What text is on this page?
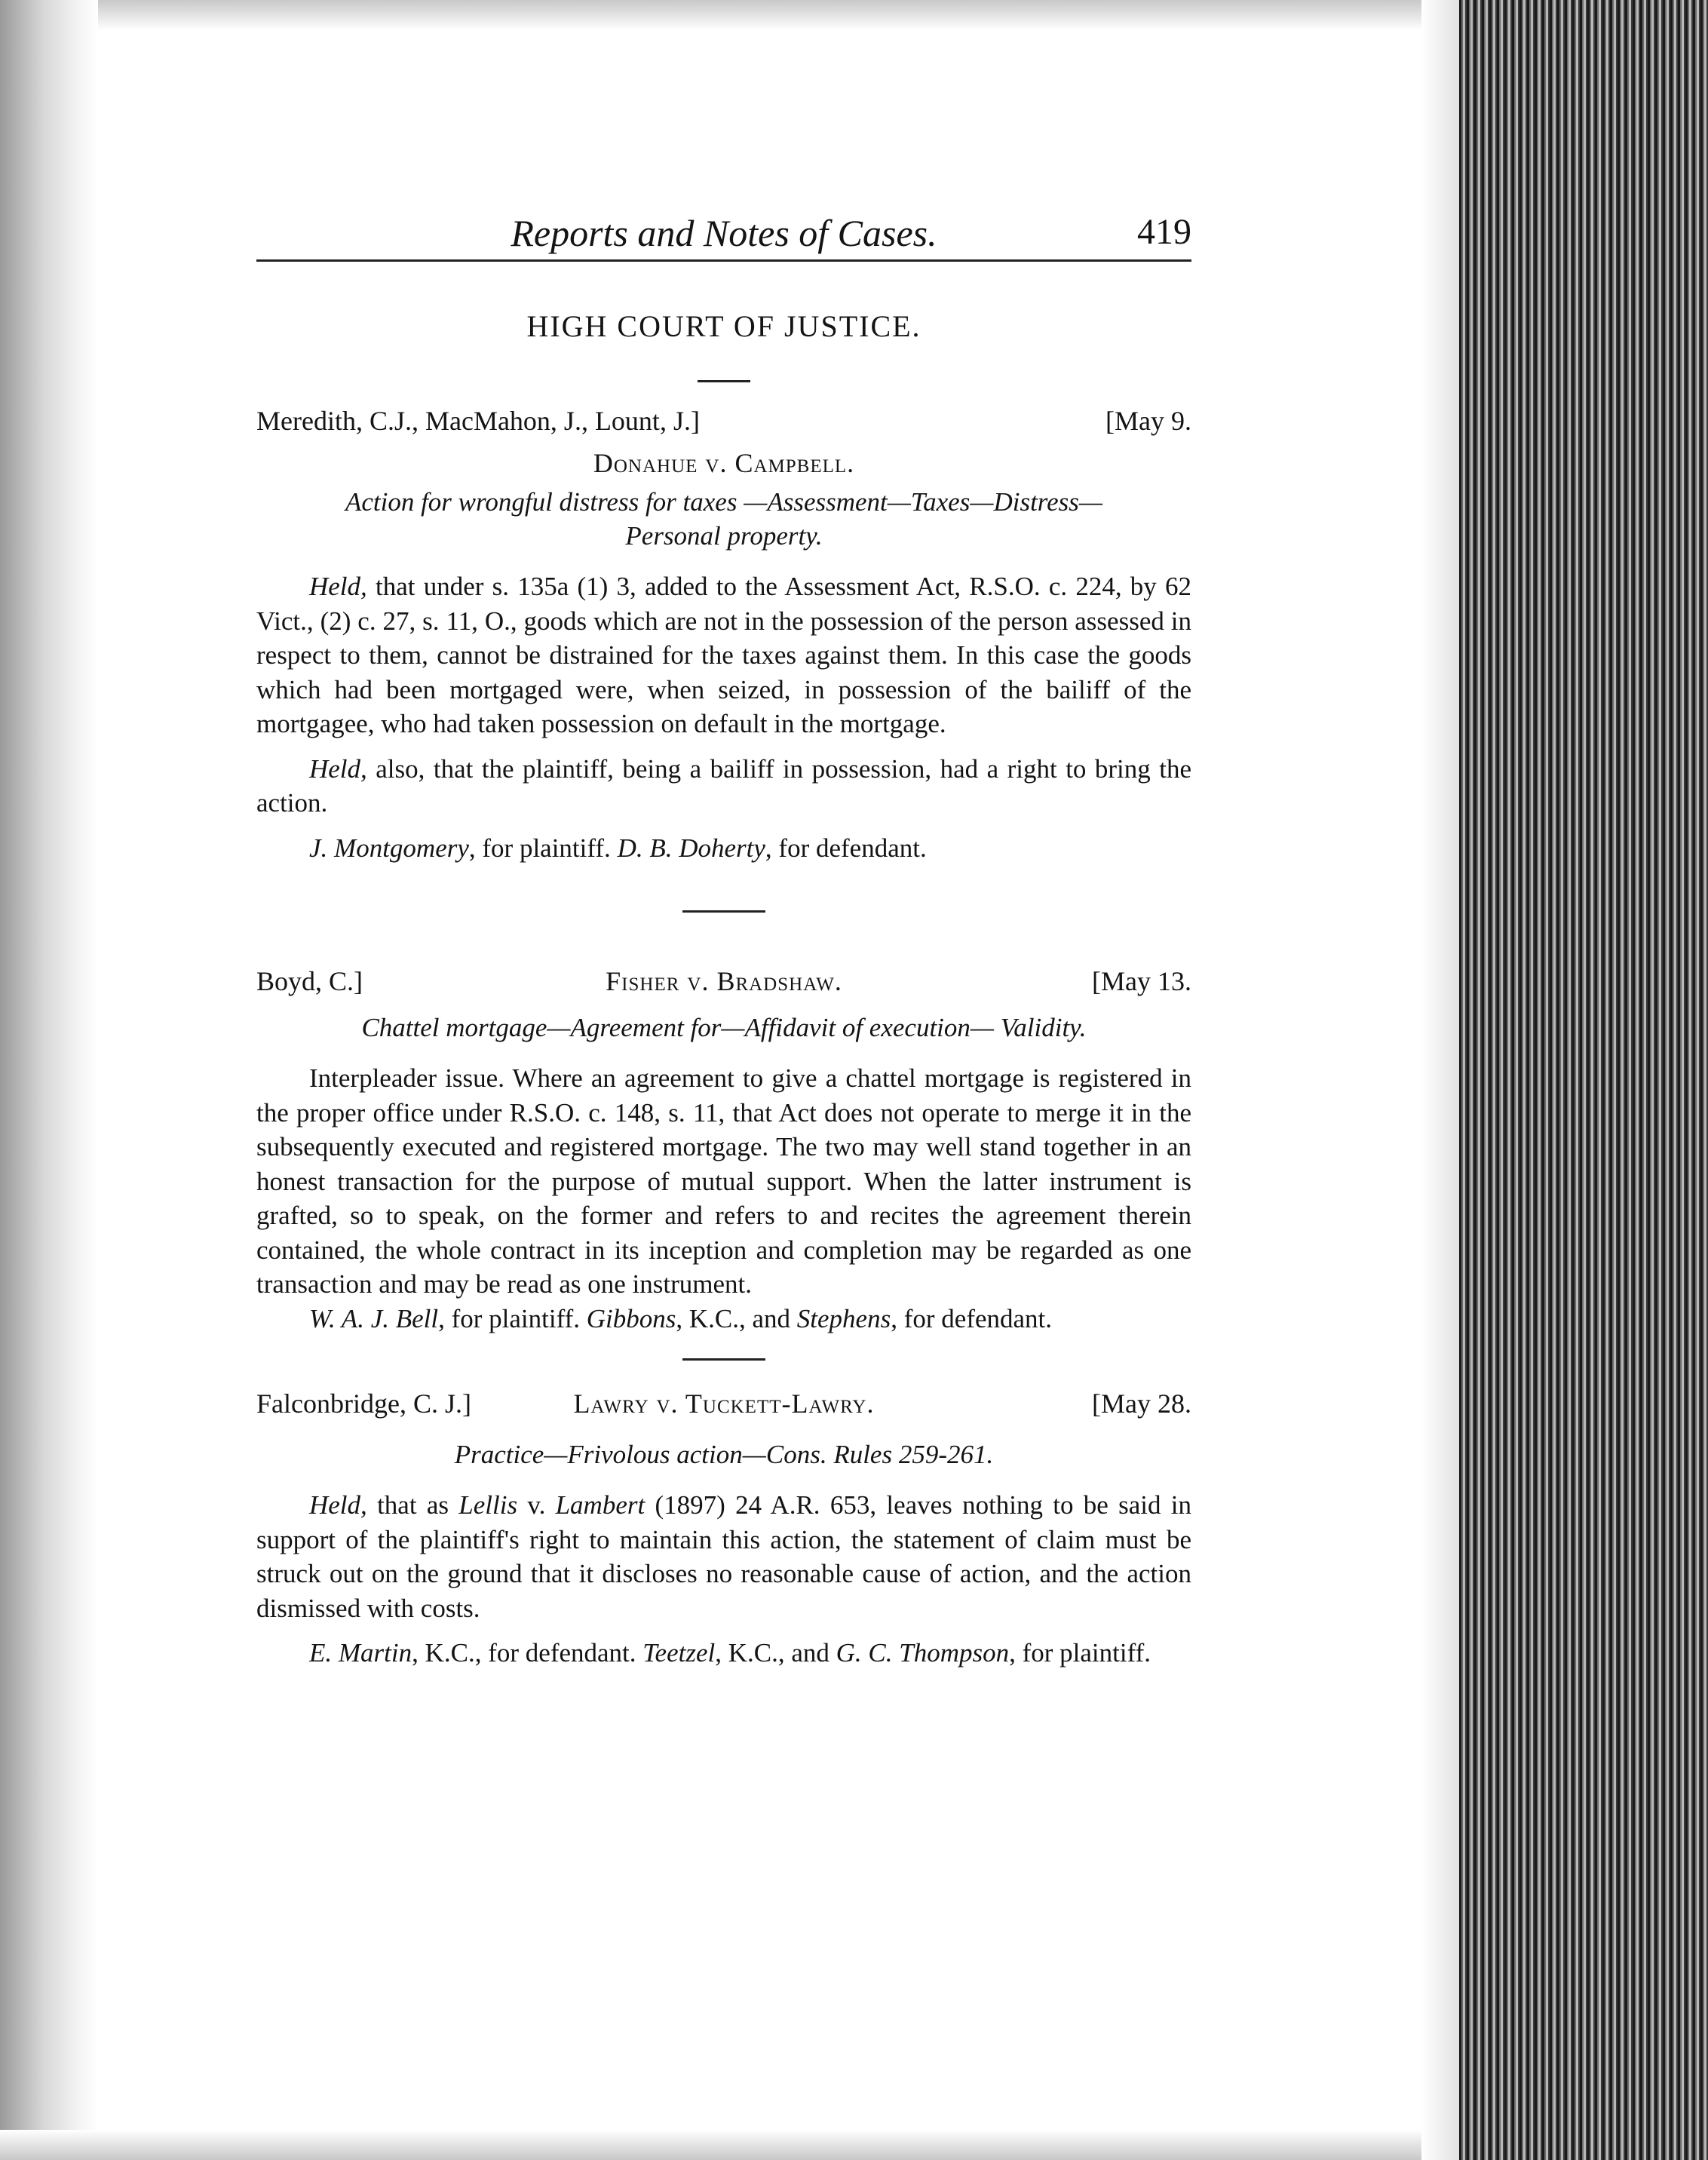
Reports and Notes of Cases.	419
HIGH COURT OF JUSTICE.
Meredith, C.J., MacMahon, J., Lount, J.]	[May 9.
Donahue v. Campbell.
Action for wrongful distress for taxes —Assessment—Taxes—Distress—
Personal property.

Held, that under s. 135a (1) 3, added to the Assessment Act, R.S.O. c. 224, by 62 Vict., (2) c. 27, s. 11, O., goods which are not in the possession of the person assessed in respect to them, cannot be distrained for the taxes against them. In this case the goods which had been mortgaged were, when seized, in possession of the bailiff of the mortgagee, who had taken possession on default in the mortgage.

Held, also, that the plaintiff, being a bailiff in possession, had a right to bring the action.

J. Montgomery, for plaintiff. D. B. Doherty, for defendant.

Boyd, C.]	Fisher v. Bradshaw.	[May 13.
Chattel mortgage—Agreement for—Affidavit of execution— Validity.

Interpleader issue. Where an agreement to give a chattel mortgage is registered in the proper office under R.S.O. c. 148, s. 11, that Act does not operate to merge it in the subsequently executed and registered mortgage. The two may well stand together in an honest transaction for the purpose of mutual support. When the latter instrument is grafted, so to speak, on the former and refers to and recites the agreement therein contained, the whole contract in its inception and completion may be regarded as one transaction and may be read as one instrument.

W. A. J. Bell, for plaintiff. Gibbons, K.C., and Stephens, for defendant.

Falconbridge, C. J.]	Lawry v. Tuckett-Lawry.	[May 28.
Practice—Frivolous action—Cons. Rules 259-261.

Held, that as Lellis v. Lambert (1897) 24 A.R. 653, leaves nothing to be said in support of the plaintiff's right to maintain this action, the statement of claim must be struck out on the ground that it discloses no reasonable cause of action, and the action dismissed with costs.

E. Martin, K.C., for defendant. Teetzel, K.C., and G. C. Thompson, for plaintiff.
